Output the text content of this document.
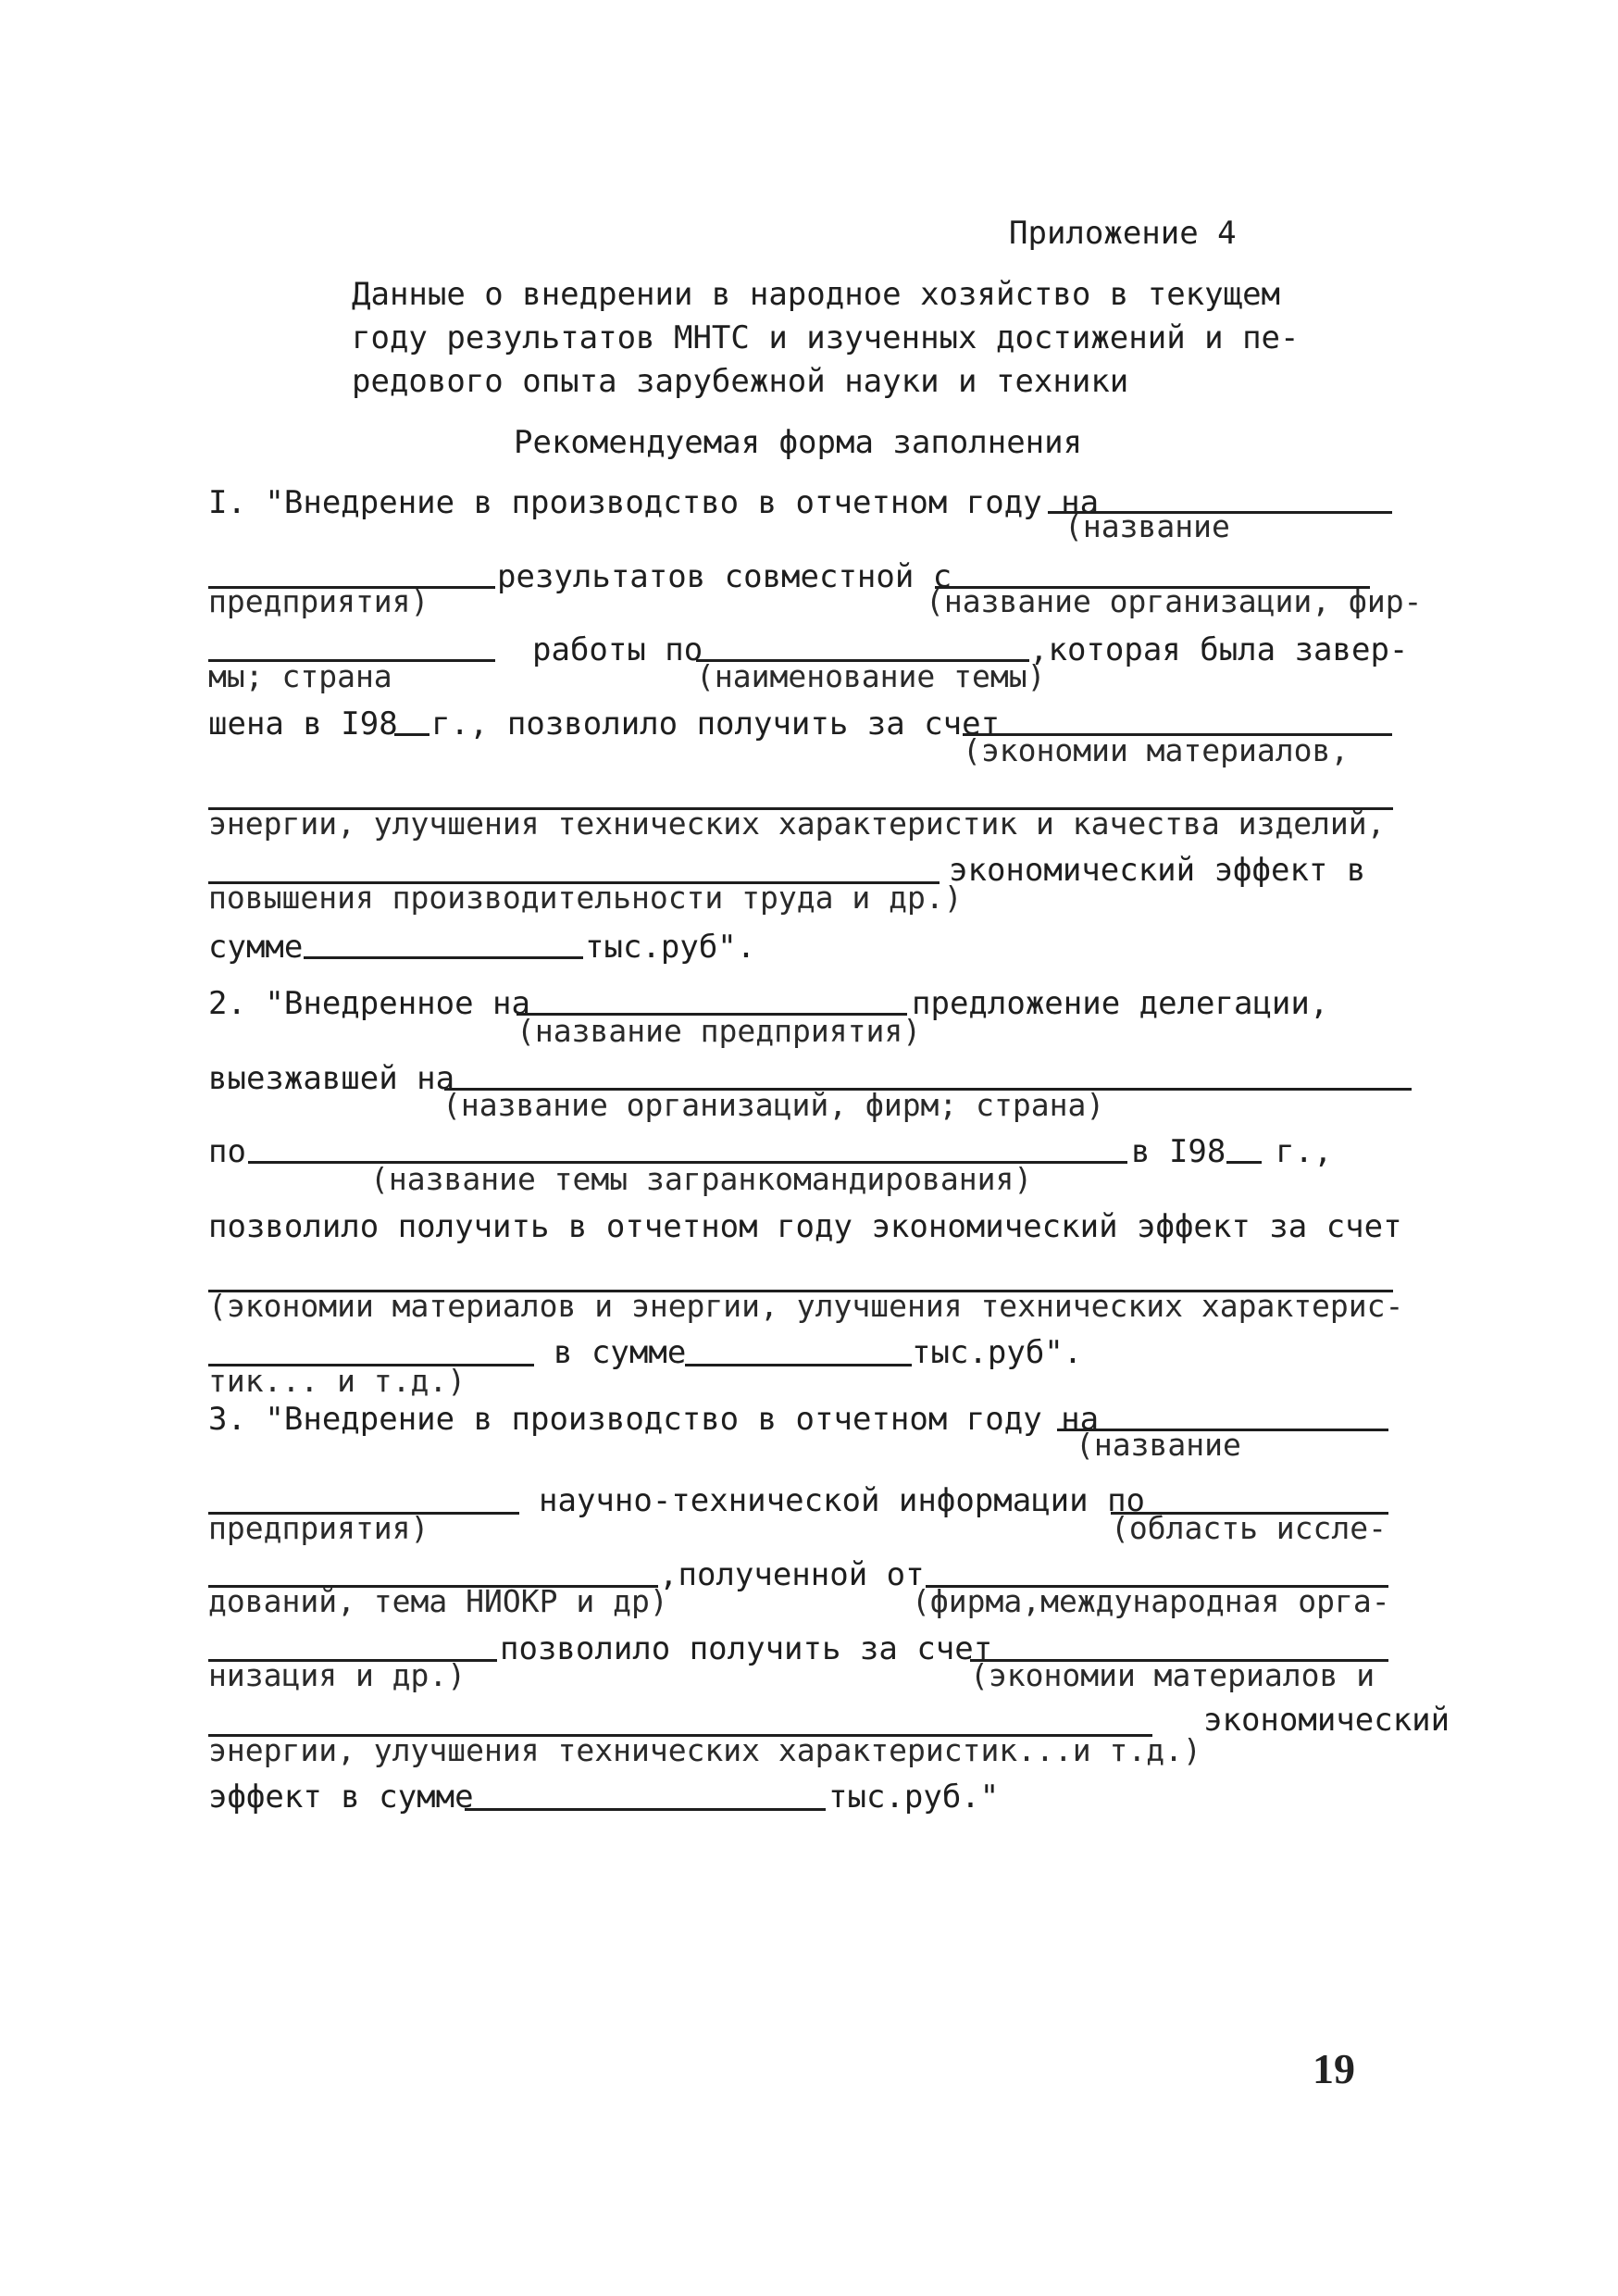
Приложение 4
Данные о внедрении в народное хозяйство в текущем
году результатов МНТС и изученных достижений и пе-
редового опыта зарубежной науки и техники
Рекомендуемая форма заполнения
I. "Внедрение в производство в отчетном году на
(название
результатов совместной с
предприятия)	(название организации, фир-
работы по	,которая была завер-
мы; страна	(наименование темы)
шена в I98 г., позволило получить за счет
(экономии материалов,
энергии, улучшения технических характеристик и качества изделий,
экономический эффект в
повышения производительности труда и др.)
сумме	тыс.руб".
2. "Внедренное на	предложение делегации,
(название предприятия)
выезжавшей на
(название организаций, фирм; страна)
по	в I98 г.,
(название темы загранкомандирования)
позволило получить в отчетном году экономический эффект за счет
(экономии материалов и энергии, улучшения технических характерис-
в сумме	тыс.руб".
тик... и т.д.)
3. "Внедрение в производство в отчетном году на
(название
научно-технической информации по
предприятия)	(область иссле-
,полученной от
дований, тема НИОКР и др)	(фирма,международная орга-
позволило получить за счет
низация и др.)	(экономии материалов и
экономический
энергии, улучшения технических характеристик...и т.д.)
эффект в сумме	тыс.руб."
19
